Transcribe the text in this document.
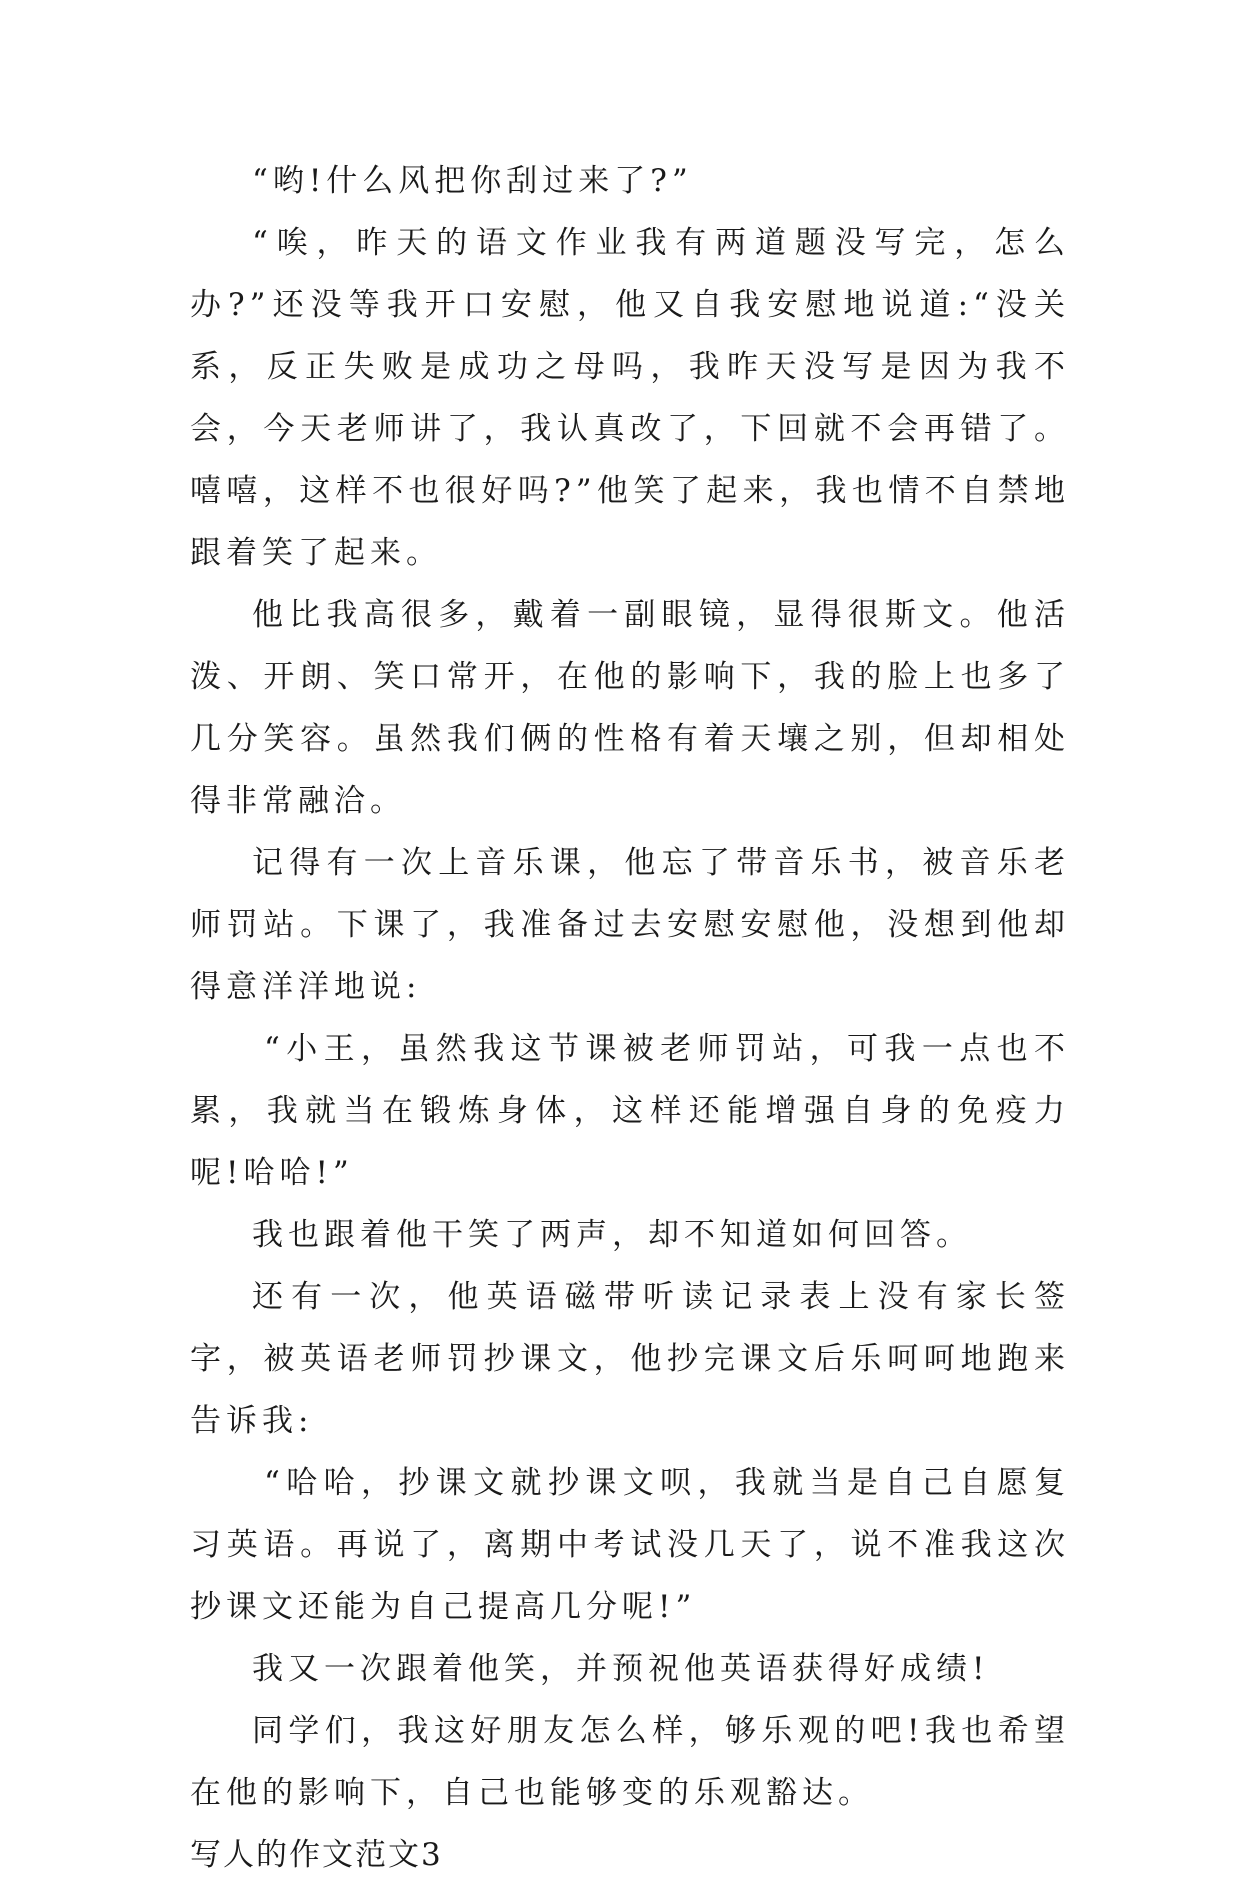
“哟!什么风把你刮过来了?”

“唉，昨天的语文作业我有两道题没写完，怎么办?”还没等我开口安慰，他又自我安慰地说道:“没关系，反正失败是成功之母吗，我昨天没写是因为我不会，今天老师讲了，我认真改了，下回就不会再错了。嘻嘻，这样不也很好吗?”他笑了起来，我也情不自禁地跟着笑了起来。

他比我高很多，戴着一副眼镜，显得很斯文。他活泼、开朗、笑口常开，在他的影响下，我的脸上也多了几分笑容。虽然我们俩的性格有着天壤之别，但却相处得非常融洽。

记得有一次上音乐课，他忘了带音乐书，被音乐老师罚站。下课了，我准备过去安慰安慰他，没想到他却得意洋洋地说:

“小王，虽然我这节课被老师罚站，可我一点也不累，我就当在锻炼身体，这样还能增强自身的免疫力呢!哈哈!”

我也跟着他干笑了两声，却不知道如何回答。

还有一次，他英语磁带听读记录表上没有家长签字，被英语老师罚抄课文，他抄完课文后乐呵呵地跑来告诉我:

“哈哈，抄课文就抄课文呗，我就当是自己自愿复习英语。再说了，离期中考试没几天了，说不准我这次抄课文还能为自己提高几分呢!”

我又一次跟着他笑，并预祝他英语获得好成绩!

同学们，我这好朋友怎么样，够乐观的吧!我也希望在他的影响下，自己也能够变的乐观豁达。

写人的作文范文3
